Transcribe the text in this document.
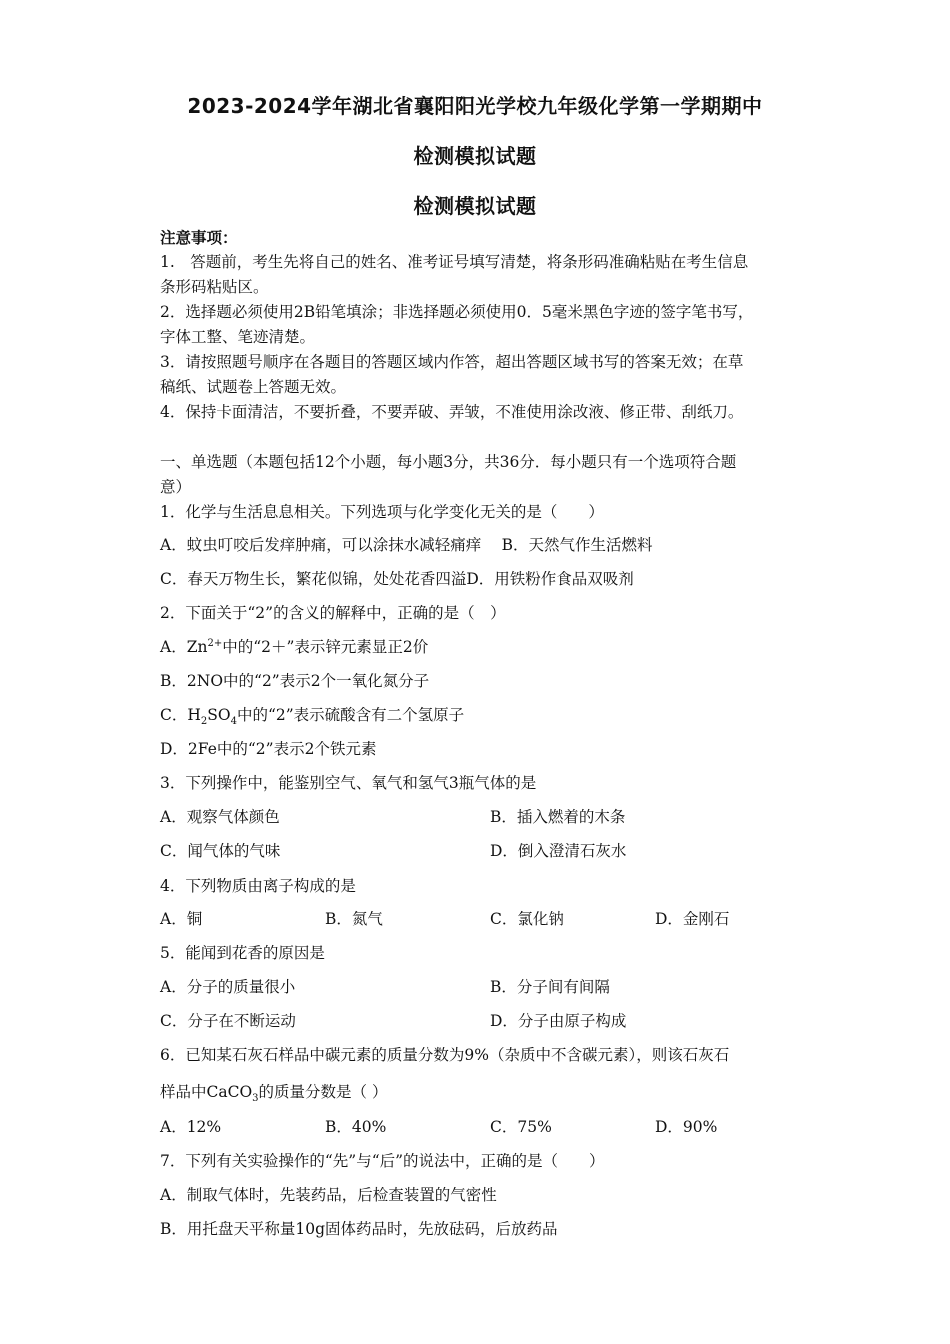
2023-2024学年湖北省襄阳阳光学校九年级化学第一学期期中
检测模拟试题
检测模拟试题
注意事项：
1.　答题前，考生先将自己的姓名、准考证号填写清楚，将条形码准确粘贴在考生信息
条形码粘贴区。
2．选择题必须使用2B铅笔填涂；非选择题必须使用0．5毫米黑色字迹的签字笔书写，
字体工整、笔迹清楚。
3．请按照题号顺序在各题目的答题区域内作答，超出答题区域书写的答案无效；在草
稿纸、试题卷上答题无效。
4．保持卡面清洁，不要折叠，不要弄破、弄皱，不准使用涂改液、修正带、刮纸刀。
一、单选题（本题包括12个小题，每小题3分，共36分．每小题只有一个选项符合题
意）
1．化学与生活息息相关。下列选项与化学变化无关的是（　　）
A．蚊虫叮咬后发痒肿痛，可以涂抹水减轻痛痒　 B．天然气作生活燃料
C．春天万物生长，繁花似锦，处处花香四溢D．用铁粉作食品双吸剂
2．下面关于“2”的含义的解释中，正确的是（　）
A．$Zn^{2+}$中的“2＋”表示锌元素显正2价
B．2NO中的“2”表示2个一氧化氮分子
C．$H_2SO_4$中的“2”表示硫酸含有二个氢原子
D．2Fe中的“2”表示2个铁元素
3．下列操作中，能鉴别空气、氧气和氢气3瓶气体的是
A．观察气体颜色	B．插入燃着的木条
C．闻气体的气味	D．倒入澄清石灰水
4．下列物质由离子构成的是
A．铜	B．氮气	C．氯化钠	D．金刚石
5．能闻到花香的原因是
A．分子的质量很小	B．分子间有间隔
C．分子在不断运动	D．分子由原子构成
6．已知某石灰石样品中碳元素的质量分数为9%（杂质中不含碳元素），则该石灰石
样品中CaCO$_3$的质量分数是（ ）
A．12%	B．40%	C．75%	D．90%
7．下列有关实验操作的“先”与“后”的说法中，正确的是（　　）
A．制取气体时，先装药品，后检查装置的气密性
B．用托盘天平称量10g固体药品时，先放砝码，后放药品
